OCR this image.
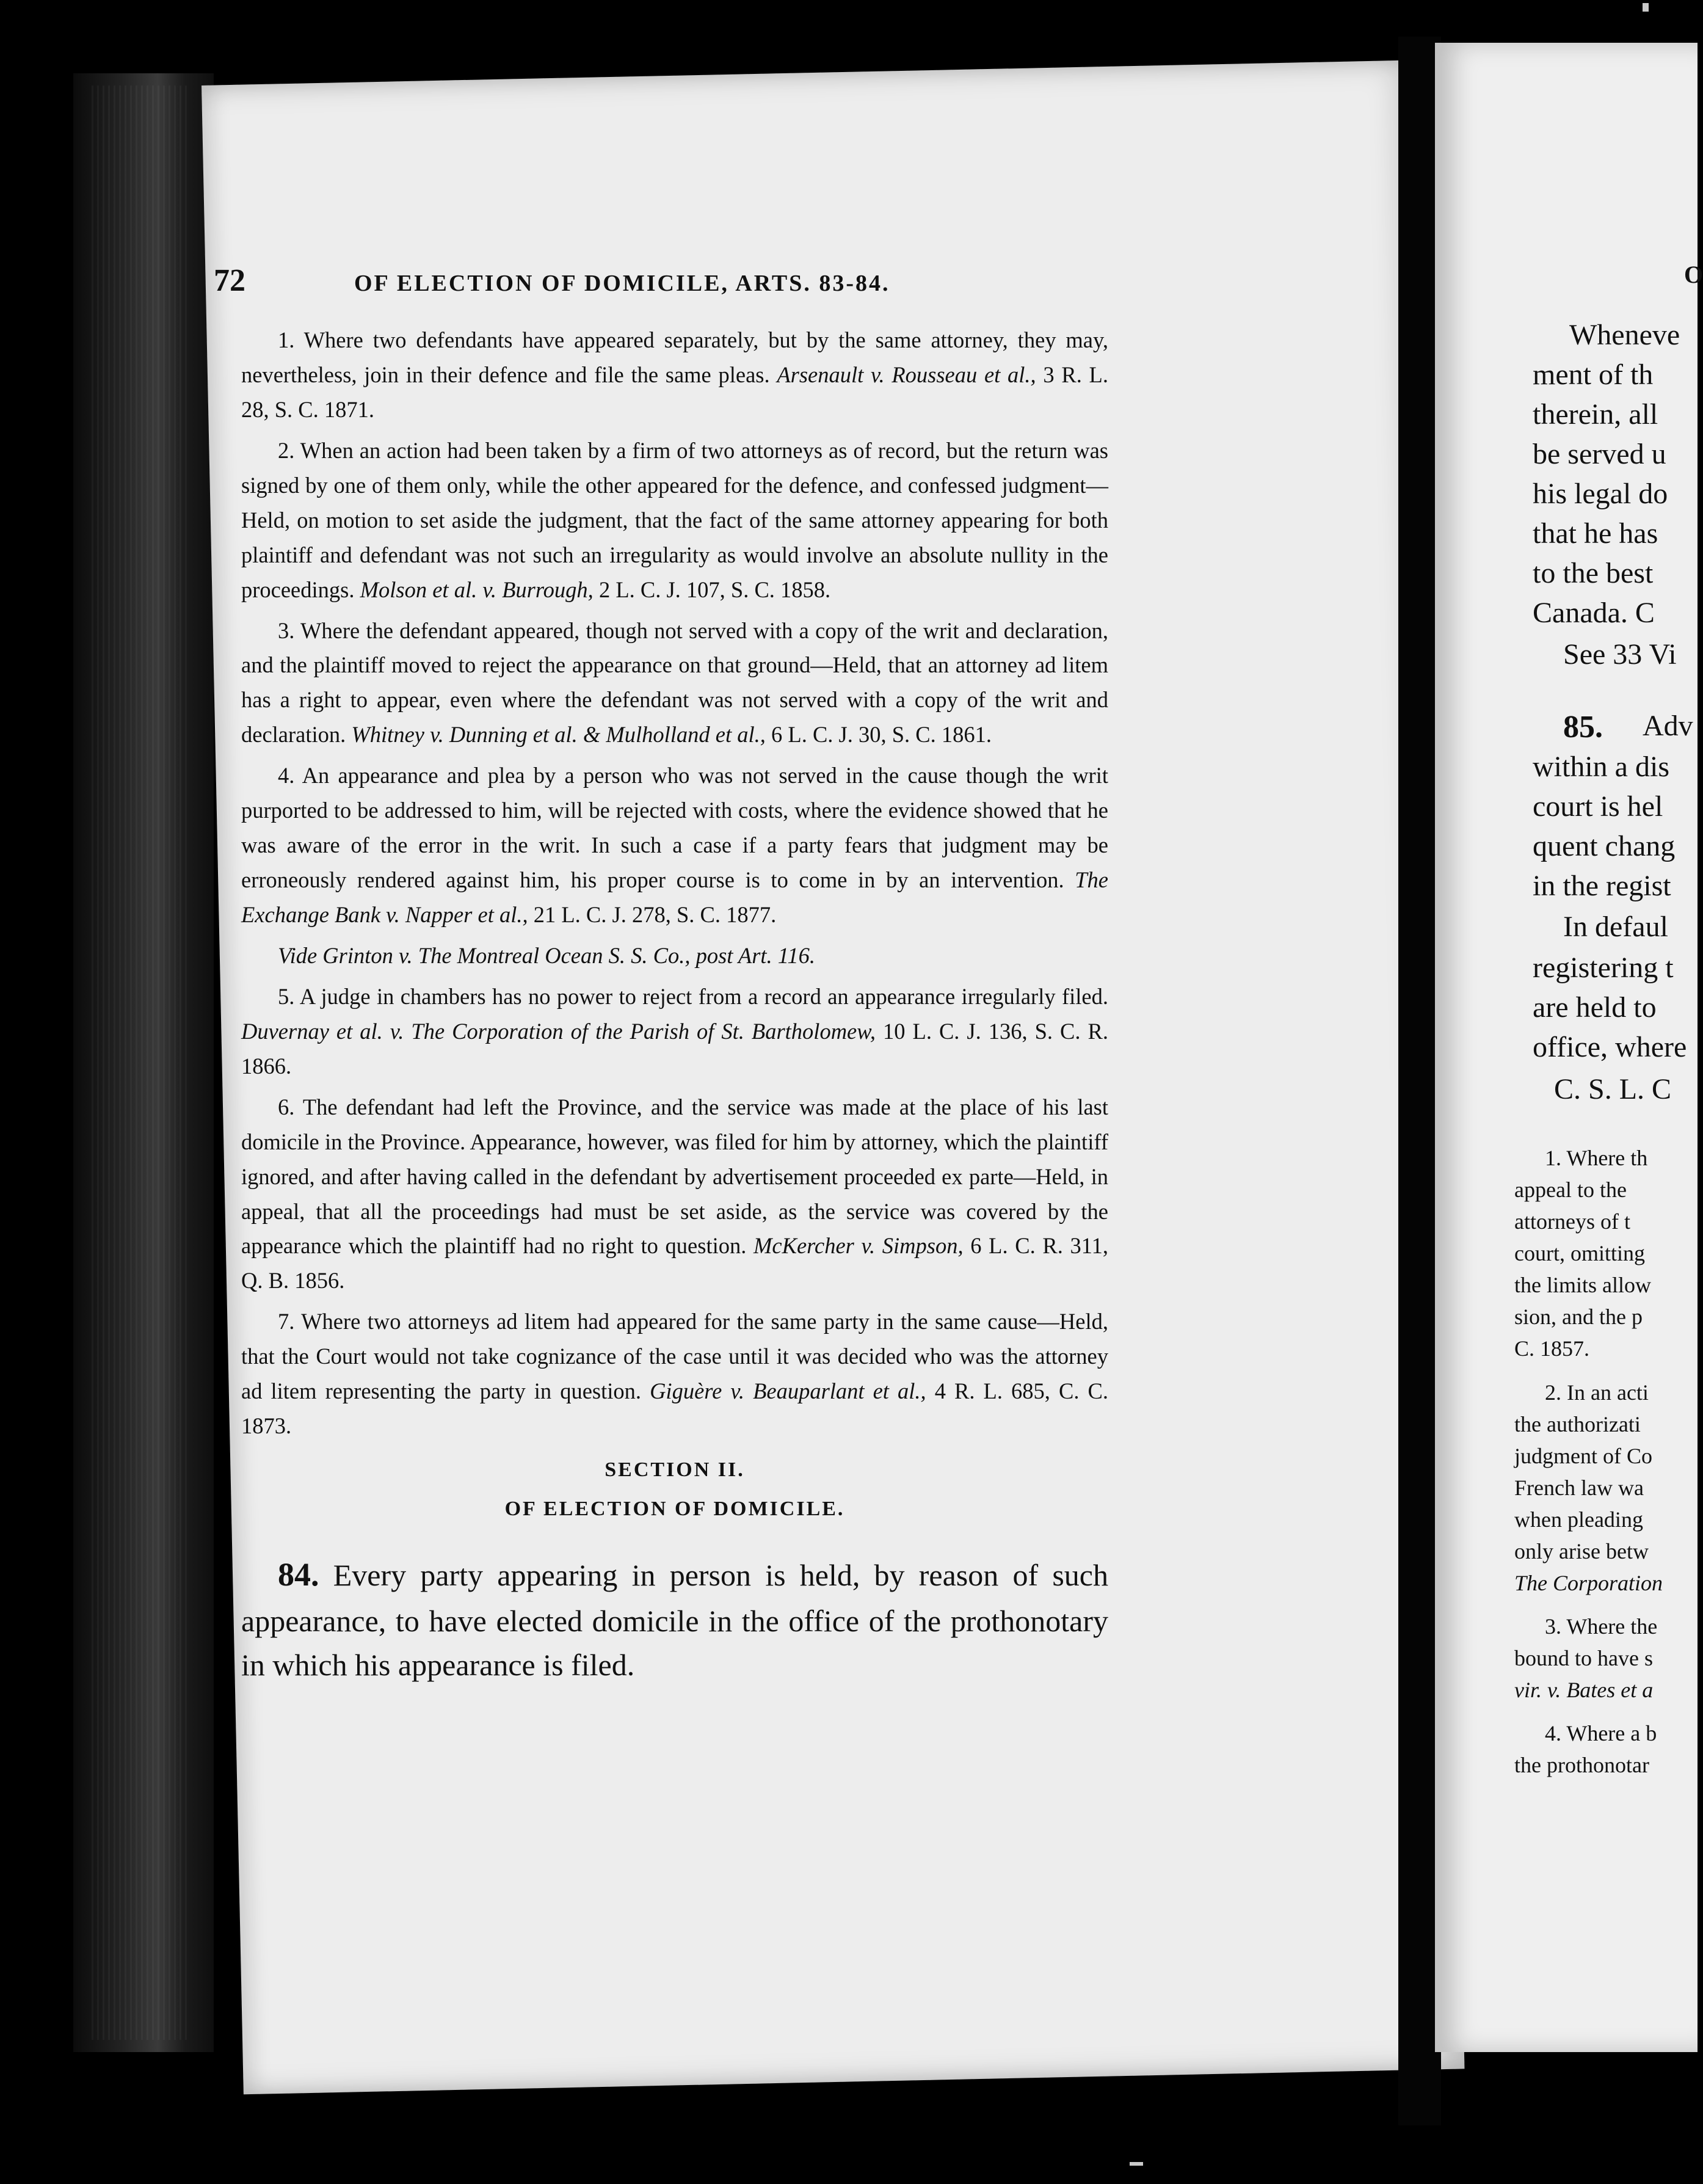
72	OF ELECTION OF DOMICILE, ARTS. 83-84.

1. Where two defendants have appeared separately, but by the same attorney, they may, nevertheless, join in their defence and file the same pleas. Arsenault v. Rousseau et al., 3 R. L. 28, S. C. 1871.

2. When an action had been taken by a firm of two attorneys as of record, but the return was signed by one of them only, while the other appeared for the defence, and confessed judgment—Held, on motion to set aside the judgment, that the fact of the same attorney appearing for both plaintiff and defendant was not such an irregularity as would involve an absolute nullity in the proceedings. Molson et al. v. Burrough, 2 L. C. J. 107, S. C. 1858.

3. Where the defendant appeared, though not served with a copy of the writ and declaration, and the plaintiff moved to reject the appearance on that ground—Held, that an attorney ad litem has a right to appear, even where the defendant was not served with a copy of the writ and declaration. Whitney v. Dunning et al. & Mulholland et al., 6 L. C. J. 30, S. C. 1861.

4. An appearance and plea by a person who was not served in the cause though the writ purported to be addressed to him, will be rejected with costs, where the evidence showed that he was aware of the error in the writ. In such a case if a party fears that judgment may be erroneously rendered against him, his proper course is to come in by an intervention. The Exchange Bank v. Napper et al., 21 L. C. J. 278, S. C. 1877.

Vide Grinton v. The Montreal Ocean S. S. Co., post Art. 116.

5. A judge in chambers has no power to reject from a record an appearance irregularly filed. Duvernay et al. v. The Corporation of the Parish of St. Bartholomew, 10 L. C. J. 136, S. C. R. 1866.

6. The defendant had left the Province, and the service was made at the place of his last domicile in the Province. Appearance, however, was filed for him by attorney, which the plaintiff ignored, and after having called in the defendant by advertisement proceeded ex parte—Held, in appeal, that all the proceedings had must be set aside, as the service was covered by the appearance which the plaintiff had no right to question. McKercher v. Simpson, 6 L. C. R. 311, Q. B. 1856.

7. Where two attorneys ad litem had appeared for the same party in the same cause—Held, that the Court would not take cognizance of the case until it was decided who was the attorney ad litem representing the party in question. Giguère v. Beauparlant et al., 4 R. L. 685, C. C. 1873.

SECTION II.
OF ELECTION OF DOMICILE.

84. Every party appearing in person is held, by reason of such appearance, to have elected domicile in the office of the prothonotary in which his appearance is filed.

O
Wheneve
ment of th
therein, all
be served u
his legal do
that he has
to the best
Canada. C
See 33 Vi
85. Adv
within a dis
court is hel
quent chang
in the regist
In defaul
registering t
are held to
office, where
C. S. L. C
1. Where th
appeal to the
attorneys of t
court, omitting
the limits allow
sion, and the p
C. 1857.
2. In an acti
the authorizati
judgment of Co
French law wa
when pleading
only arise betw
The Corporation
3. Where the
bound to have s
vir. v. Bates et a
4. Where a b
the prothonotar
